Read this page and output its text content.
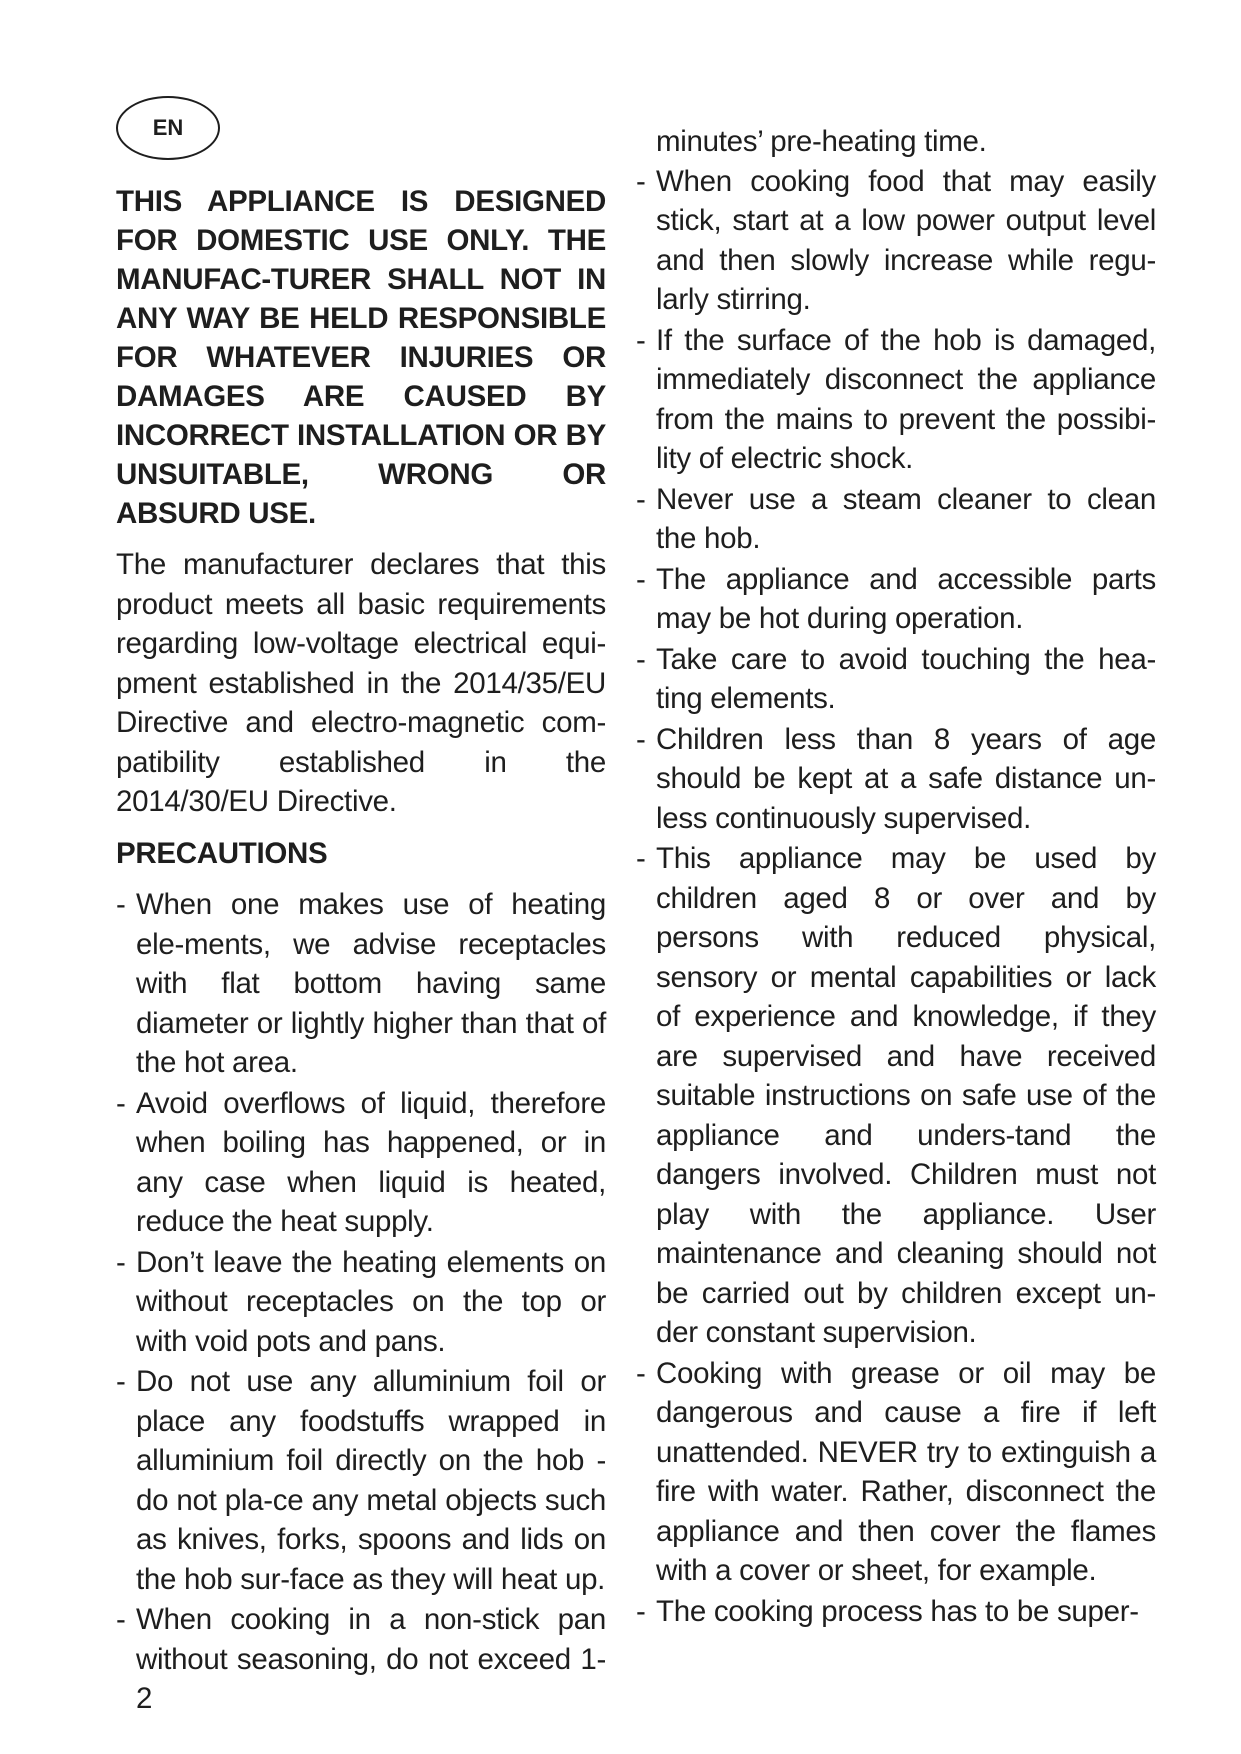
EN

THIS APPLIANCE IS DESIGNED FOR DOMESTIC USE ONLY. THE MANUFAC-TURER SHALL NOT IN ANY WAY BE HELD RESPONSIBLE FOR WHATEVER INJURIES OR DAMAGES ARE CAUSED BY INCORRECT INSTALLATION OR BY UNSUITABLE, WRONG OR ABSURD USE.

The manufacturer declares that this product meets all basic requirements regarding low-voltage electrical equi-pment established in the 2014/35/EU Directive and electro-magnetic com-patibility established in the 2014/30/EU Directive.

PRECAUTIONS

- When one makes use of heating ele-ments, we advise receptacles with flat bottom having same diameter or lightly higher than that of the hot area.
- Avoid overflows of liquid, therefore when boiling has happened, or in any case when liquid is heated, reduce the heat supply.
- Don’t leave the heating elements on without receptacles on the top or with void pots and pans.
- Do not use any alluminium foil or place any foodstuffs wrapped in alluminium foil directly on the hob - do not pla-ce any metal objects such as knives, forks, spoons and lids on the hob sur-face as they will heat up.
- When cooking in a non-stick pan without seasoning, do not exceed 1-2

minutes’ pre-heating time.

- When cooking food that may easily stick, start at a low power output level and then slowly increase while regu-larly stirring.
- If the surface of the hob is damaged, immediately disconnect the appliance from the mains to prevent the possibi-lity of electric shock.
- Never use a steam cleaner to clean the hob.
- The appliance and accessible parts may be hot during operation.
- Take care to avoid touching the hea-ting elements.
- Children less than 8 years of age should be kept at a safe distance un-less continuously supervised.
- This appliance may be used by children aged 8 or over and by persons with reduced physical, sensory or mental capabilities or lack of experience and knowledge, if they are supervised and have received suitable instructions on safe use of the appliance and unders-tand the dangers involved. Children must not play with the appliance. User maintenance and cleaning should not be carried out by children except un-der constant supervision.
- Cooking with grease or oil may be dangerous and cause a fire if left unattended. NEVER try to extinguish a fire with water. Rather, disconnect the appliance and then cover the flames with a cover or sheet, for example.
- The cooking process has to be super-
